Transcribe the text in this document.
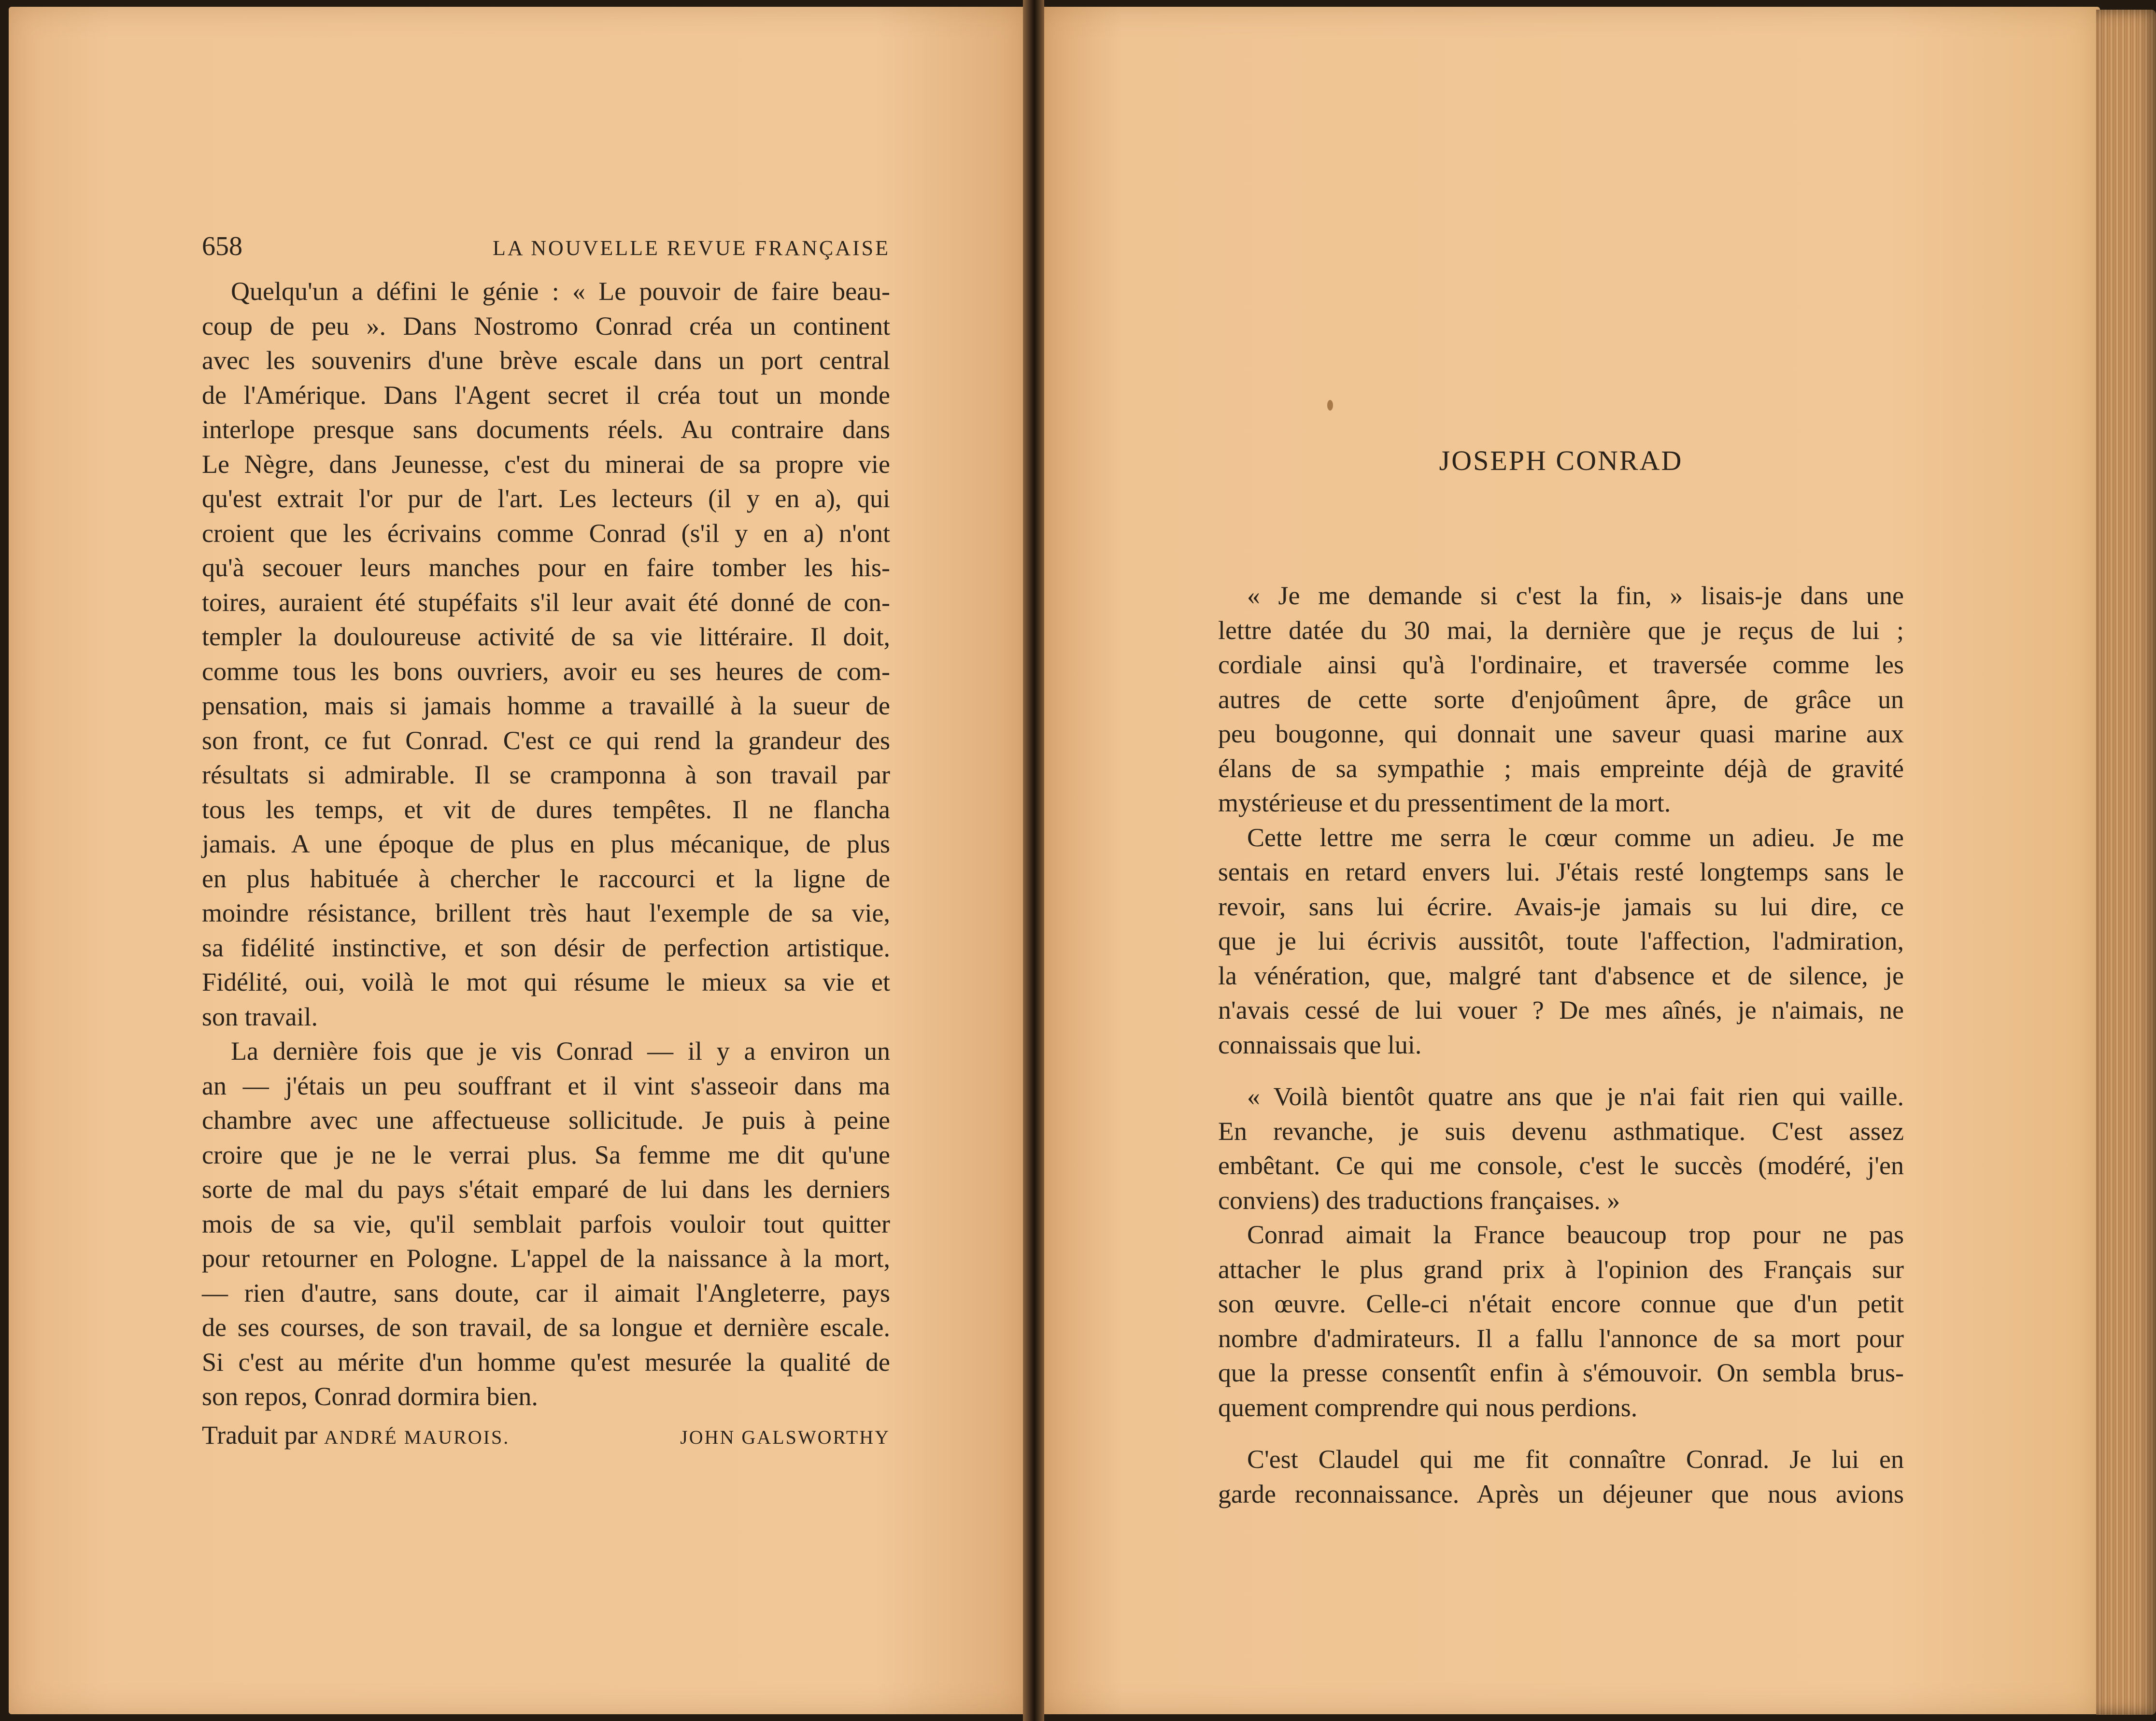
658	LA NOUVELLE REVUE FRANÇAISE
Quelqu'un a défini le génie : « Le pouvoir de faire beau-
coup de peu ». Dans Nostromo Conrad créa un continent
avec les souvenirs d'une brève escale dans un port central
de l'Amérique. Dans l'Agent secret il créa tout un monde
interlope presque sans documents réels. Au contraire dans
Le Nègre, dans Jeunesse, c'est du minerai de sa propre vie
qu'est extrait l'or pur de l'art. Les lecteurs (il y en a), qui
croient que les écrivains comme Conrad (s'il y en a) n'ont
qu'à secouer leurs manches pour en faire tomber les his-
toires, auraient été stupéfaits s'il leur avait été donné de con-
templer la douloureuse activité de sa vie littéraire. Il doit,
comme tous les bons ouvriers, avoir eu ses heures de com-
pensation, mais si jamais homme a travaillé à la sueur de
son front, ce fut Conrad. C'est ce qui rend la grandeur des
résultats si admirable. Il se cramponna à son travail par
tous les temps, et vit de dures tempêtes. Il ne flancha
jamais. A une époque de plus en plus mécanique, de plus
en plus habituée à chercher le raccourci et la ligne de
moindre résistance, brillent très haut l'exemple de sa vie,
sa fidélité instinctive, et son désir de perfection artistique.
Fidélité, oui, voilà le mot qui résume le mieux sa vie et
son travail.
La dernière fois que je vis Conrad — il y a environ un
an — j'étais un peu souffrant et il vint s'asseoir dans ma
chambre avec une affectueuse sollicitude. Je puis à peine
croire que je ne le verrai plus. Sa femme me dit qu'une
sorte de mal du pays s'était emparé de lui dans les derniers
mois de sa vie, qu'il semblait parfois vouloir tout quitter
pour retourner en Pologne. L'appel de la naissance à la mort,
— rien d'autre, sans doute, car il aimait l'Angleterre, pays
de ses courses, de son travail, de sa longue et dernière escale.
Si c'est au mérite d'un homme qu'est mesurée la qualité de
son repos, Conrad dormira bien.
Traduit par ANDRÉ MAUROIS.	JOHN GALSWORTHY
JOSEPH CONRAD
« Je me demande si c'est la fin, » lisais-je dans une
lettre datée du 30 mai, la dernière que je reçus de lui ;
cordiale ainsi qu'à l'ordinaire, et traversée comme les
autres de cette sorte d'enjoûment âpre, de grâce un
peu bougonne, qui donnait une saveur quasi marine aux
élans de sa sympathie ; mais empreinte déjà de gravité
mystérieuse et du pressentiment de la mort.
Cette lettre me serra le cœur comme un adieu. Je me
sentais en retard envers lui. J'étais resté longtemps sans le
revoir, sans lui écrire. Avais-je jamais su lui dire, ce
que je lui écrivis aussitôt, toute l'affection, l'admiration,
la vénération, que, malgré tant d'absence et de silence, je
n'avais cessé de lui vouer ? De mes aînés, je n'aimais, ne
connaissais que lui.
« Voilà bientôt quatre ans que je n'ai fait rien qui vaille.
En revanche, je suis devenu asthmatique. C'est assez
embêtant. Ce qui me console, c'est le succès (modéré, j'en
conviens) des traductions françaises. »
Conrad aimait la France beaucoup trop pour ne pas
attacher le plus grand prix à l'opinion des Français sur
son œuvre. Celle-ci n'était encore connue que d'un petit
nombre d'admirateurs. Il a fallu l'annonce de sa mort pour
que la presse consentît enfin à s'émouvoir. On sembla brus-
quement comprendre qui nous perdions.
C'est Claudel qui me fit connaître Conrad. Je lui en
garde reconnaissance. Après un déjeuner que nous avions
